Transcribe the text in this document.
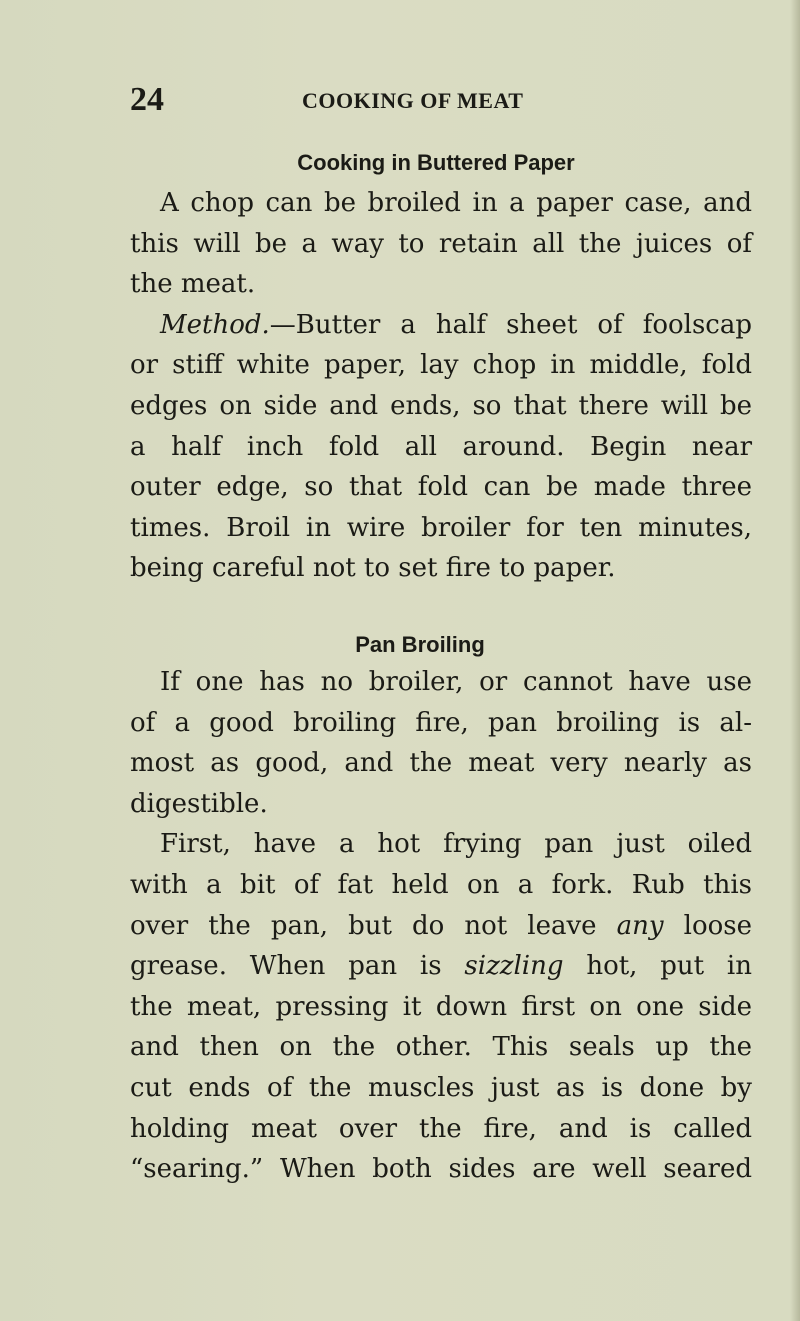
24	COOKING OF MEAT
Cooking in Buttered Paper
A chop can be broiled in a paper case, and
this will be a way to retain all the juices of
the meat.
Method.—Butter a half sheet of foolscap
or stiff white paper, lay chop in middle, fold
edges on side and ends, so that there will be
a half inch fold all around. Begin near
outer edge, so that fold can be made three
times. Broil in wire broiler for ten minutes,
being careful not to set fire to paper.
Pan Broiling
If one has no broiler, or cannot have use
of a good broiling fire, pan broiling is al-
most as good, and the meat very nearly as
digestible.
First, have a hot frying pan just oiled
with a bit of fat held on a fork. Rub this
over the pan, but do not leave any loose
grease. When pan is sizzling hot, put in
the meat, pressing it down first on one side
and then on the other. This seals up the
cut ends of the muscles just as is done by
holding meat over the fire, and is called
“searing.” When both sides are well seared
